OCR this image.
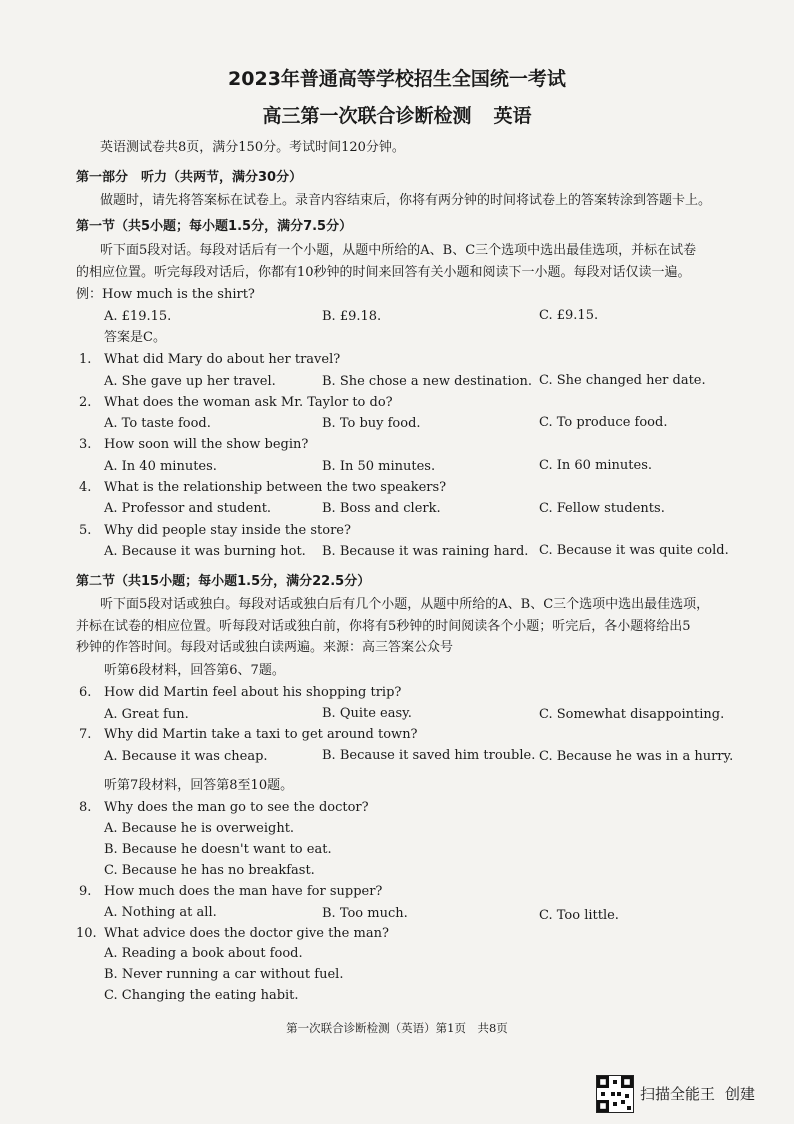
2023年普通高等学校招生全国统一考试
高三第一次联合诊断检测 英语
英语测试卷共8页，满分150分。考试时间120分钟。
第一部分　听力（共两节，满分30分）
做题时，请先将答案标在试卷上。录音内容结束后，你将有两分钟的时间将试卷上的答案转涂到答题卡上。
第一节（共5小题；每小题1.5分，满分7.5分）
听下面5段对话。每段对话后有一个小题，从题中所给的A、B、C三个选项中选出最佳选项，并标在试卷
的相应位置。听完每段对话后，你都有10秒钟的时间来回答有关小题和阅读下一小题。每段对话仅读一遍。
例：How much is the shirt?
A. £19.15.	B. £9.18.	C. £9.15.
答案是C。
1. What did Mary do about her travel?
A. She gave up her travel.	B. She chose a new destination. C. She changed her date.
2. What does the woman ask Mr. Taylor to do?
A. To taste food.	B. To buy food.	C. To produce food.
3. How soon will the show begin?
A. In 40 minutes.	B. In 50 minutes.	C. In 60 minutes.
4. What is the relationship between the two speakers?
A. Professor and student.	B. Boss and clerk.	C. Fellow students.
5. Why did people stay inside the store?
A. Because it was burning hot. B. Because it was raining hard. C. Because it was quite cold.
第二节（共15小题；每小题1.5分，满分22.5分）
听下面5段对话或独白。每段对话或独白后有几个小题，从题中所给的A、B、C三个选项中选出最佳选项，
并标在试卷的相应位置。听每段对话或独白前，你将有5秒钟的时间阅读各个小题；听完后，各小题将给出5
秒钟的作答时间。每段对话或独白读两遍。来源：高三答案公众号
听第6段材料，回答第6、7题。
6. How did Martin feel about his shopping trip?
A. Great fun.	B. Quite easy.	C. Somewhat disappointing.
7. Why did Martin take a taxi to get around town?
A. Because it was cheap.	B. Because it saved him trouble. C. Because he was in a hurry.
听第7段材料，回答第8至10题。
8. Why does the man go to see the doctor?
A. Because he is overweight.
B. Because he doesn't want to eat.
C. Because he has no breakfast.
9. How much does the man have for supper?
A. Nothing at all.	B. Too much.	C. Too little.
10. What advice does the doctor give the man?
A. Reading a book about food.
B. Never running a car without fuel.
C. Changing the eating habit.
第一次联合诊断检测（英语）第1页　共8页
扫描全能王 创建
